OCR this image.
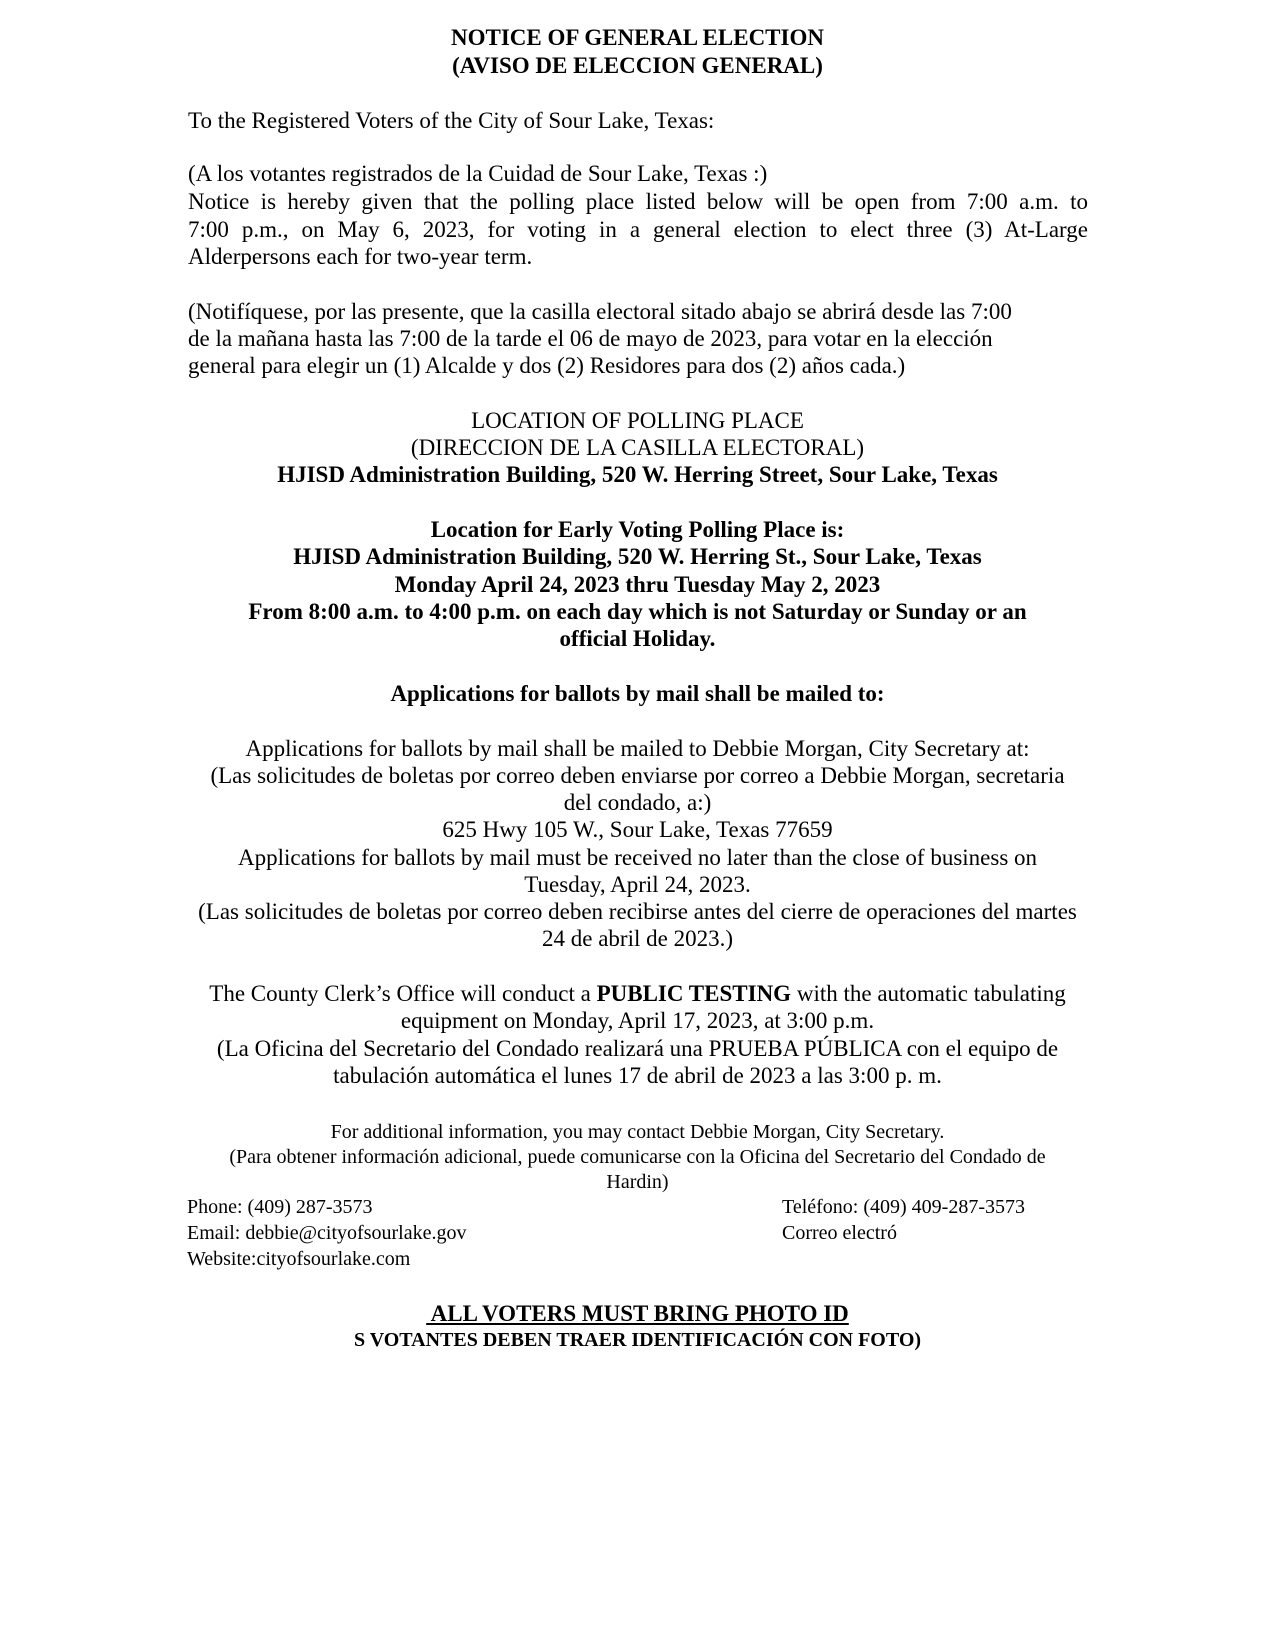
NOTICE OF GENERAL ELECTION
(AVISO DE ELECCION GENERAL)
To the Registered Voters of the City of Sour Lake, Texas:
(A los votantes registrados de la Cuidad de Sour Lake, Texas :)
Notice is hereby given that the polling place listed below will be open from 7:00 a.m. to
7:00 p.m., on May 6, 2023, for voting in a general election to elect three (3) At-Large
Alderpersons each for two-year term.
(Notifíquese, por las presente, que la casilla electoral sitado abajo se abrirá desde las 7:00
de la mañana hasta las 7:00 de la tarde el 06 de mayo de 2023, para votar en la elección
general para elegir un (1) Alcalde y dos (2) Residores para dos (2) años cada.)
LOCATION OF POLLING PLACE
(DIRECCION DE LA CASILLA ELECTORAL)
HJISD Administration Building, 520 W. Herring Street, Sour Lake, Texas
Location for Early Voting Polling Place is:
HJISD Administration Building, 520 W. Herring St., Sour Lake, Texas
Monday April 24, 2023 thru Tuesday May 2, 2023
From 8:00 a.m. to 4:00 p.m. on each day which is not Saturday or Sunday or an
official Holiday.
Applications for ballots by mail shall be mailed to:
Applications for ballots by mail shall be mailed to Debbie Morgan, City Secretary at:
(Las solicitudes de boletas por correo deben enviarse por correo a Debbie Morgan, secretaria
del condado, a:)
625 Hwy 105 W., Sour Lake, Texas 77659
Applications for ballots by mail must be received no later than the close of business on
Tuesday, April 24, 2023.
(Las solicitudes de boletas por correo deben recibirse antes del cierre de operaciones del martes
24 de abril de 2023.)
The County Clerk’s Office will conduct a PUBLIC TESTING with the automatic tabulating
equipment on Monday, April 17, 2023, at 3:00 p.m.
(La Oficina del Secretario del Condado realizará una PRUEBA PÚBLICA con el equipo de
tabulación automática el lunes 17 de abril de 2023 a las 3:00 p. m.
For additional information, you may contact Debbie Morgan, City Secretary.
(Para obtener información adicional, puede comunicarse con la Oficina del Secretario del Condado de
Hardin)
Phone: (409) 287-3573
Email: debbie@cityofsourlake.gov
Website:cityofsourlake.com
Teléfono: (409) 409-287-3573
Correo electró
ALL VOTERS MUST BRING PHOTO ID
S VOTANTES DEBEN TRAER IDENTIFICACIÓN CON FOTO)
